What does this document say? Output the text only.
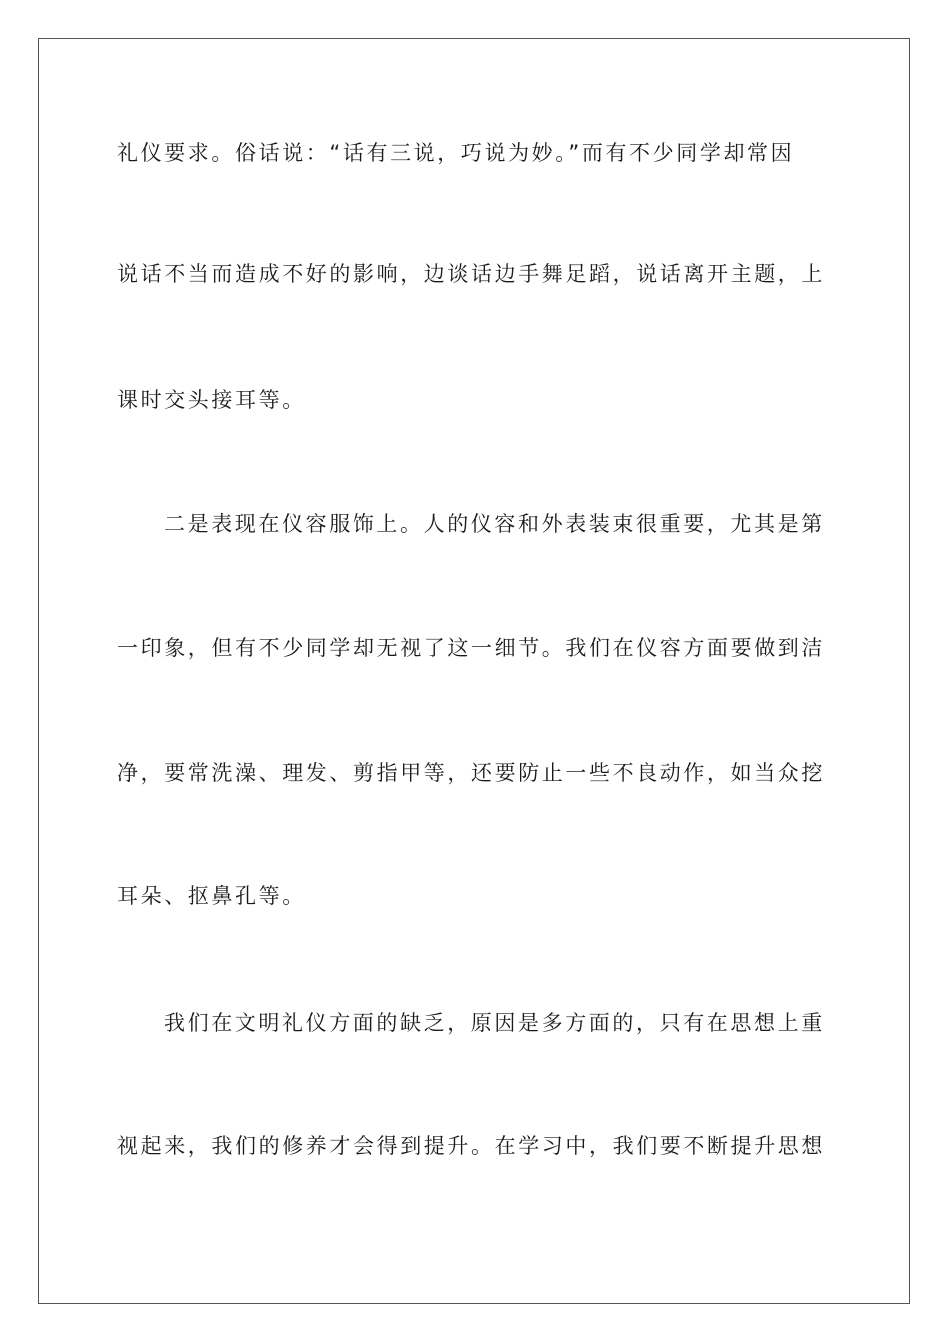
礼仪要求。俗话说：“话有三说，巧说为妙。”而有不少同学却常因
说话不当而造成不好的影响，边谈话边手舞足蹈，说话离开主题，上
课时交头接耳等。
二是表现在仪容服饰上。人的仪容和外表装束很重要，尤其是第
一印象，但有不少同学却无视了这一细节。我们在仪容方面要做到洁
净，要常洗澡、理发、剪指甲等，还要防止一些不良动作，如当众挖
耳朵、抠鼻孔等。
我们在文明礼仪方面的缺乏，原因是多方面的，只有在思想上重
视起来，我们的修养才会得到提升。在学习中，我们要不断提升思想
